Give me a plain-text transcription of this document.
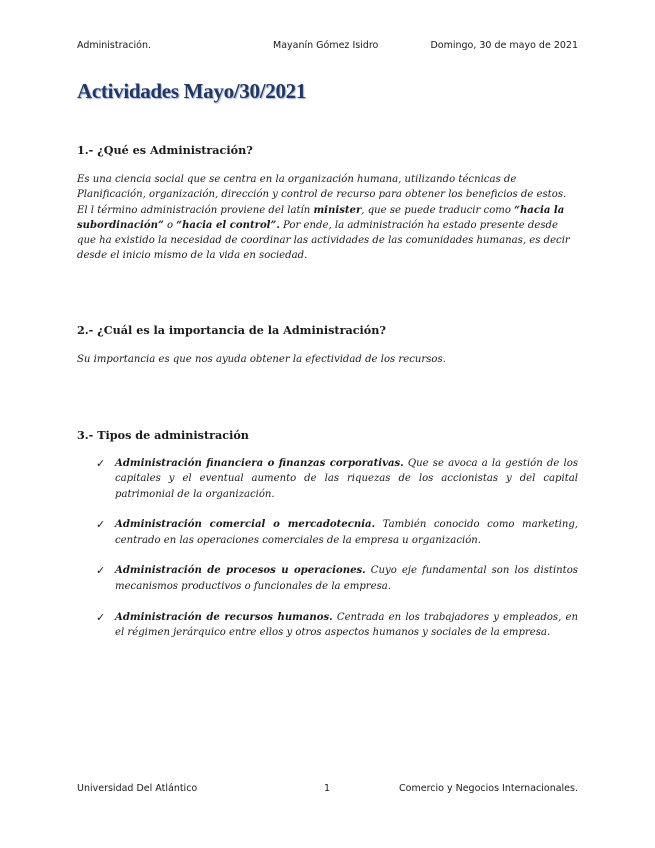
Administración.	Mayanín Gómez Isidro	Domingo, 30 de mayo de 2021
Actividades Mayo/30/2021
1.- ¿Qué es Administración?

Es una ciencia social que se centra en la organización humana, utilizando técnicas de Planificación, organización, dirección y control de recurso para obtener los beneficios de estos. El l término administración proviene del latín minister, que se puede traducir como “hacia la subordinación” o “hacia el control”. Por ende, la administración ha estado presente desde que ha existido la necesidad de coordinar las actividades de las comunidades humanas, es decir desde el inicio mismo de la vida en sociedad.

2.- ¿Cuál es la importancia de la Administración?

Su importancia es que nos ayuda obtener la efectividad de los recursos.

3.- Tipos de administración
✓ Administración financiera o finanzas corporativas. Que se avoca a la gestión de los capitales y el eventual aumento de las riquezas de los accionistas y del capital patrimonial de la organización.
✓ Administración comercial o mercadotecnia. También conocido como marketing, centrado en las operaciones comerciales de la empresa u organización.
✓ Administración de procesos u operaciones. Cuyo eje fundamental son los distintos mecanismos productivos o funcionales de la empresa.
✓ Administración de recursos humanos. Centrada en los trabajadores y empleados, en el régimen jerárquico entre ellos y otros aspectos humanos y sociales de la empresa.
Universidad Del Atlántico	1	Comercio y Negocios Internacionales.
